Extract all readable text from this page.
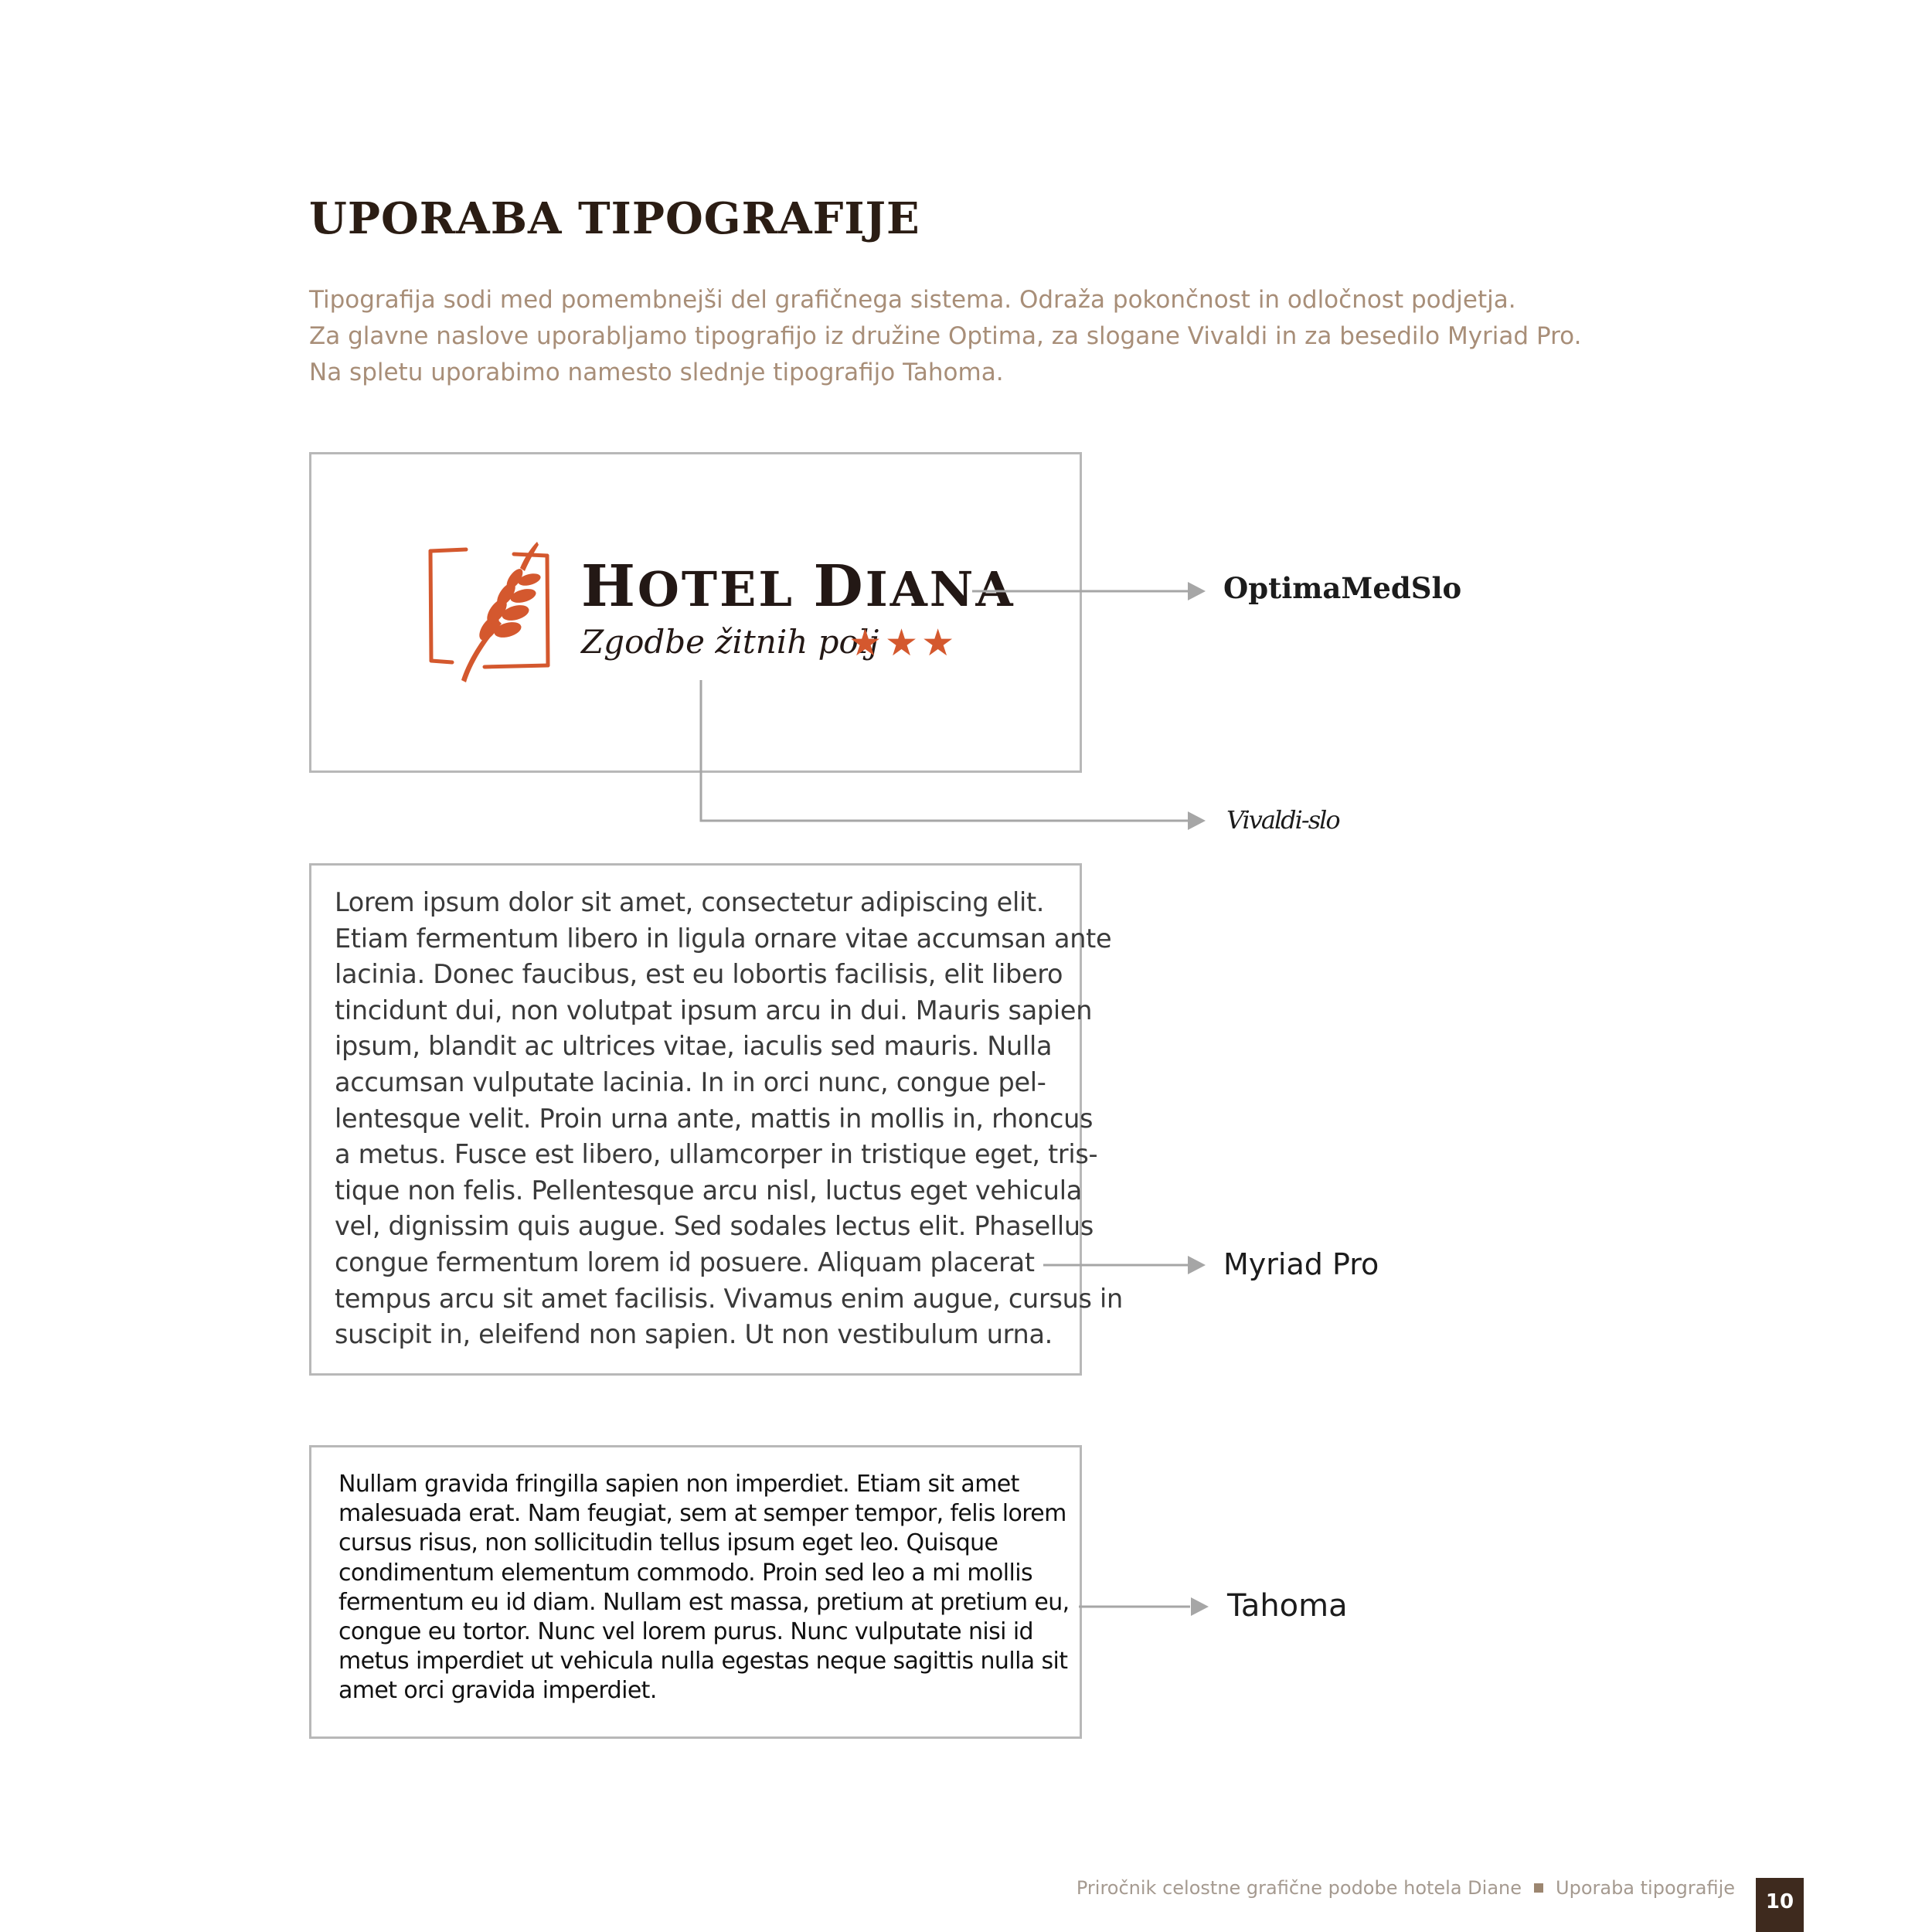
UPORABA TIPOGRAFIJE
Tipografija sodi med pomembnejši del grafičnega sistema. Odraža pokončnost in odločnost podjetja.
Za glavne naslove uporabljamo tipografijo iz družine Optima, za slogane Vivaldi in za besedilo Myriad Pro.
Na spletu uporabimo namesto slednje tipografijo Tahoma.
HOTEL DIANA
Zgodbe žitnih polj
★★★
Lorem ipsum dolor sit amet, consectetur adipiscing elit.
Etiam fermentum libero in ligula ornare vitae accumsan ante
lacinia. Donec faucibus, est eu lobortis facilisis, elit libero
tincidunt dui, non volutpat ipsum arcu in dui. Mauris sapien
ipsum, blandit ac ultrices vitae, iaculis sed mauris. Nulla
accumsan vulputate lacinia. In in orci nunc, congue pel-
lentesque velit. Proin urna ante, mattis in mollis in, rhoncus
a metus. Fusce est libero, ullamcorper in tristique eget, tris-
tique non felis. Pellentesque arcu nisl, luctus eget vehicula
vel, dignissim quis augue. Sed sodales lectus elit. Phasellus
congue fermentum lorem id posuere. Aliquam placerat
tempus arcu sit amet facilisis. Vivamus enim augue, cursus in
suscipit in, eleifend non sapien. Ut non vestibulum urna.
Nullam gravida fringilla sapien non imperdiet. Etiam sit amet
malesuada erat. Nam feugiat, sem at semper tempor, felis lorem
cursus risus, non sollicitudin tellus ipsum eget leo. Quisque
condimentum elementum commodo. Proin sed leo a mi mollis
fermentum eu id diam. Nullam est massa, pretium at pretium eu,
congue eu tortor. Nunc vel lorem purus. Nunc vulputate nisi id
metus imperdiet ut vehicula nulla egestas neque sagittis nulla sit
amet orci gravida imperdiet.
OptimaMedSlo
Vivaldi-slo
Myriad Pro
Tahoma
Priročnik celostne grafične podobe hotela Diane Uporaba tipografije
10
